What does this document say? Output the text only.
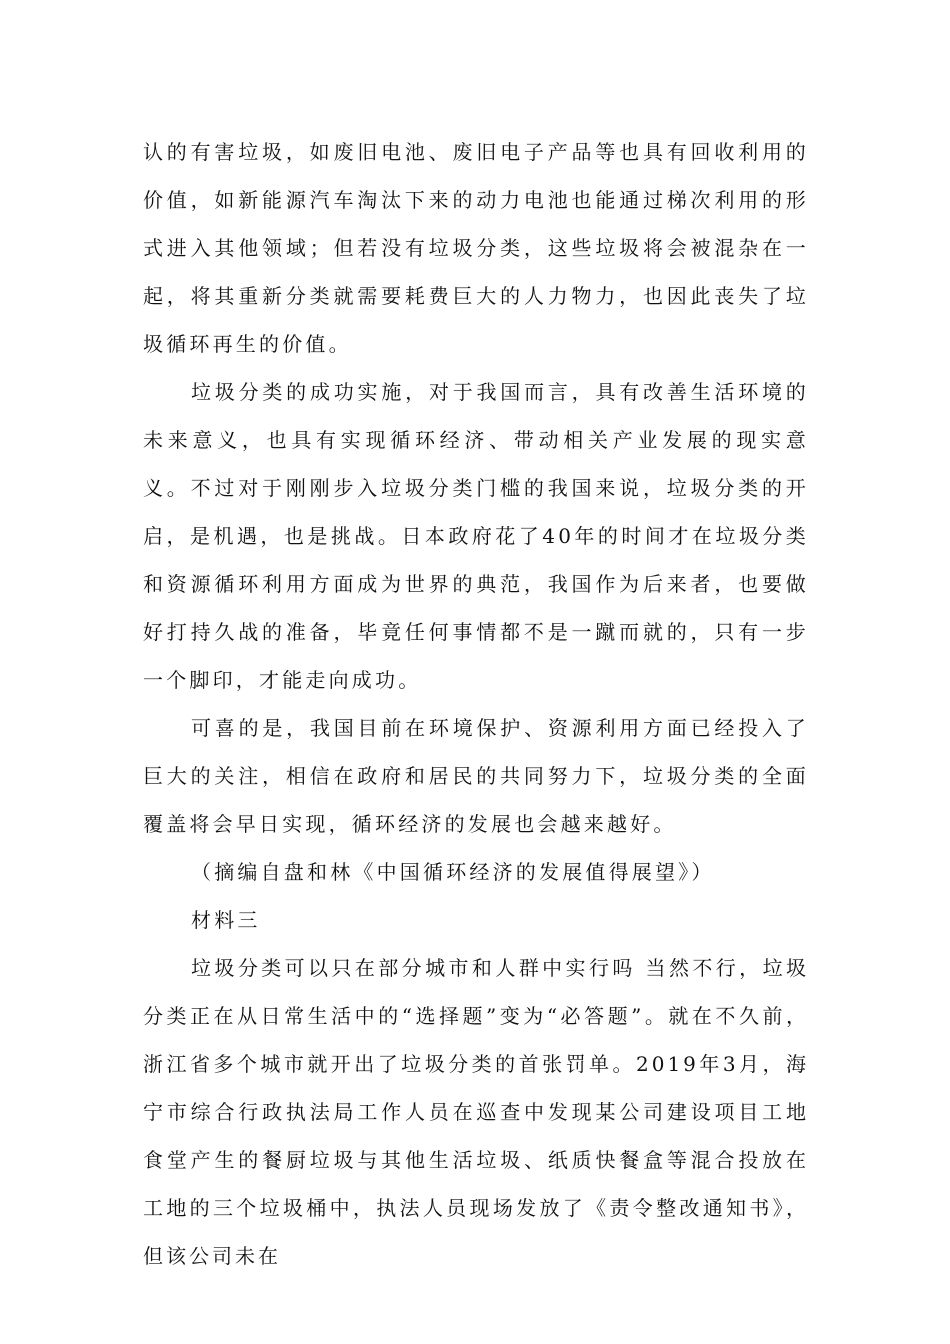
认的有害垃圾，如废旧电池、废旧电子产品等也具有回收利用的价值，如新能源汽车淘汰下来的动力电池也能通过梯次利用的形式进入其他领域；但若没有垃圾分类，这些垃圾将会被混杂在一起，将其重新分类就需要耗费巨大的人力物力，也因此丧失了垃圾循环再生的价值。

垃圾分类的成功实施，对于我国而言，具有改善生活环境的未来意义，也具有实现循环经济、带动相关产业发展的现实意义。不过对于刚刚步入垃圾分类门槛的我国来说，垃圾分类的开启，是机遇，也是挑战。日本政府花了40年的时间才在垃圾分类和资源循环利用方面成为世界的典范，我国作为后来者，也要做好打持久战的准备，毕竟任何事情都不是一蹴而就的，只有一步一个脚印，才能走向成功。

可喜的是，我国目前在环境保护、资源利用方面已经投入了巨大的关注，相信在政府和居民的共同努力下，垃圾分类的全面覆盖将会早日实现，循环经济的发展也会越来越好。

（摘编自盘和林《中国循环经济的发展值得展望》）

材料三

垃圾分类可以只在部分城市和人群中实行吗 当然不行，垃圾分类正在从日常生活中的“选择题”变为“必答题”。就在不久前，浙江省多个城市就开出了垃圾分类的首张罚单。2019年3月，海宁市综合行政执法局工作人员在巡查中发现某公司建设项目工地食堂产生的餐厨垃圾与其他生活垃圾、纸质快餐盒等混合投放在工地的三个垃圾桶中，执法人员现场发放了《责令整改通知书》，但该公司未在
